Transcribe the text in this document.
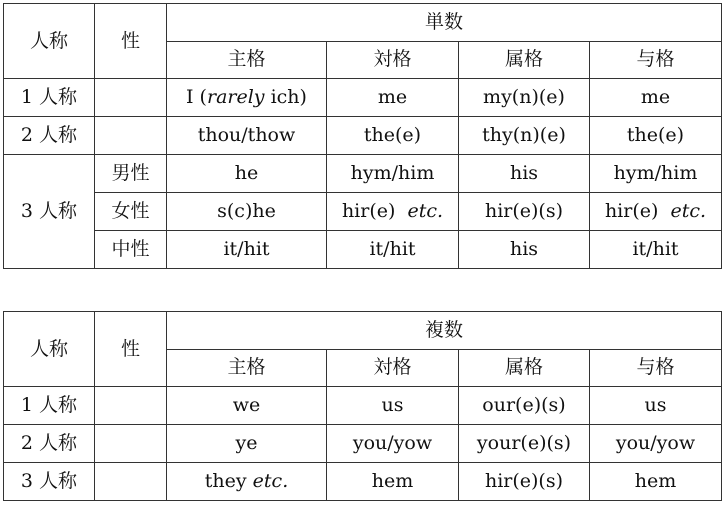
人称	性	単数			
		主格	対格	属格	与格
1 人称		I (rarely ich)	me	my(n)(e)	me
2 人称		thou/thow	the(e)	thy(n)(e)	the(e)
3 人称	男性	he	hym/him	his	hym/him
	女性	s(c)he	hir(e) etc.	hir(e)(s)	hir(e) etc.
	中性	it/hit	it/hit	his	it/hit
人称	性	複数			
		主格	対格	属格	与格
1 人称		we	us	our(e)(s)	us
2 人称		ye	you/yow	your(e)(s)	you/yow
3 人称		they etc.	hem	hir(e)(s)	hem
